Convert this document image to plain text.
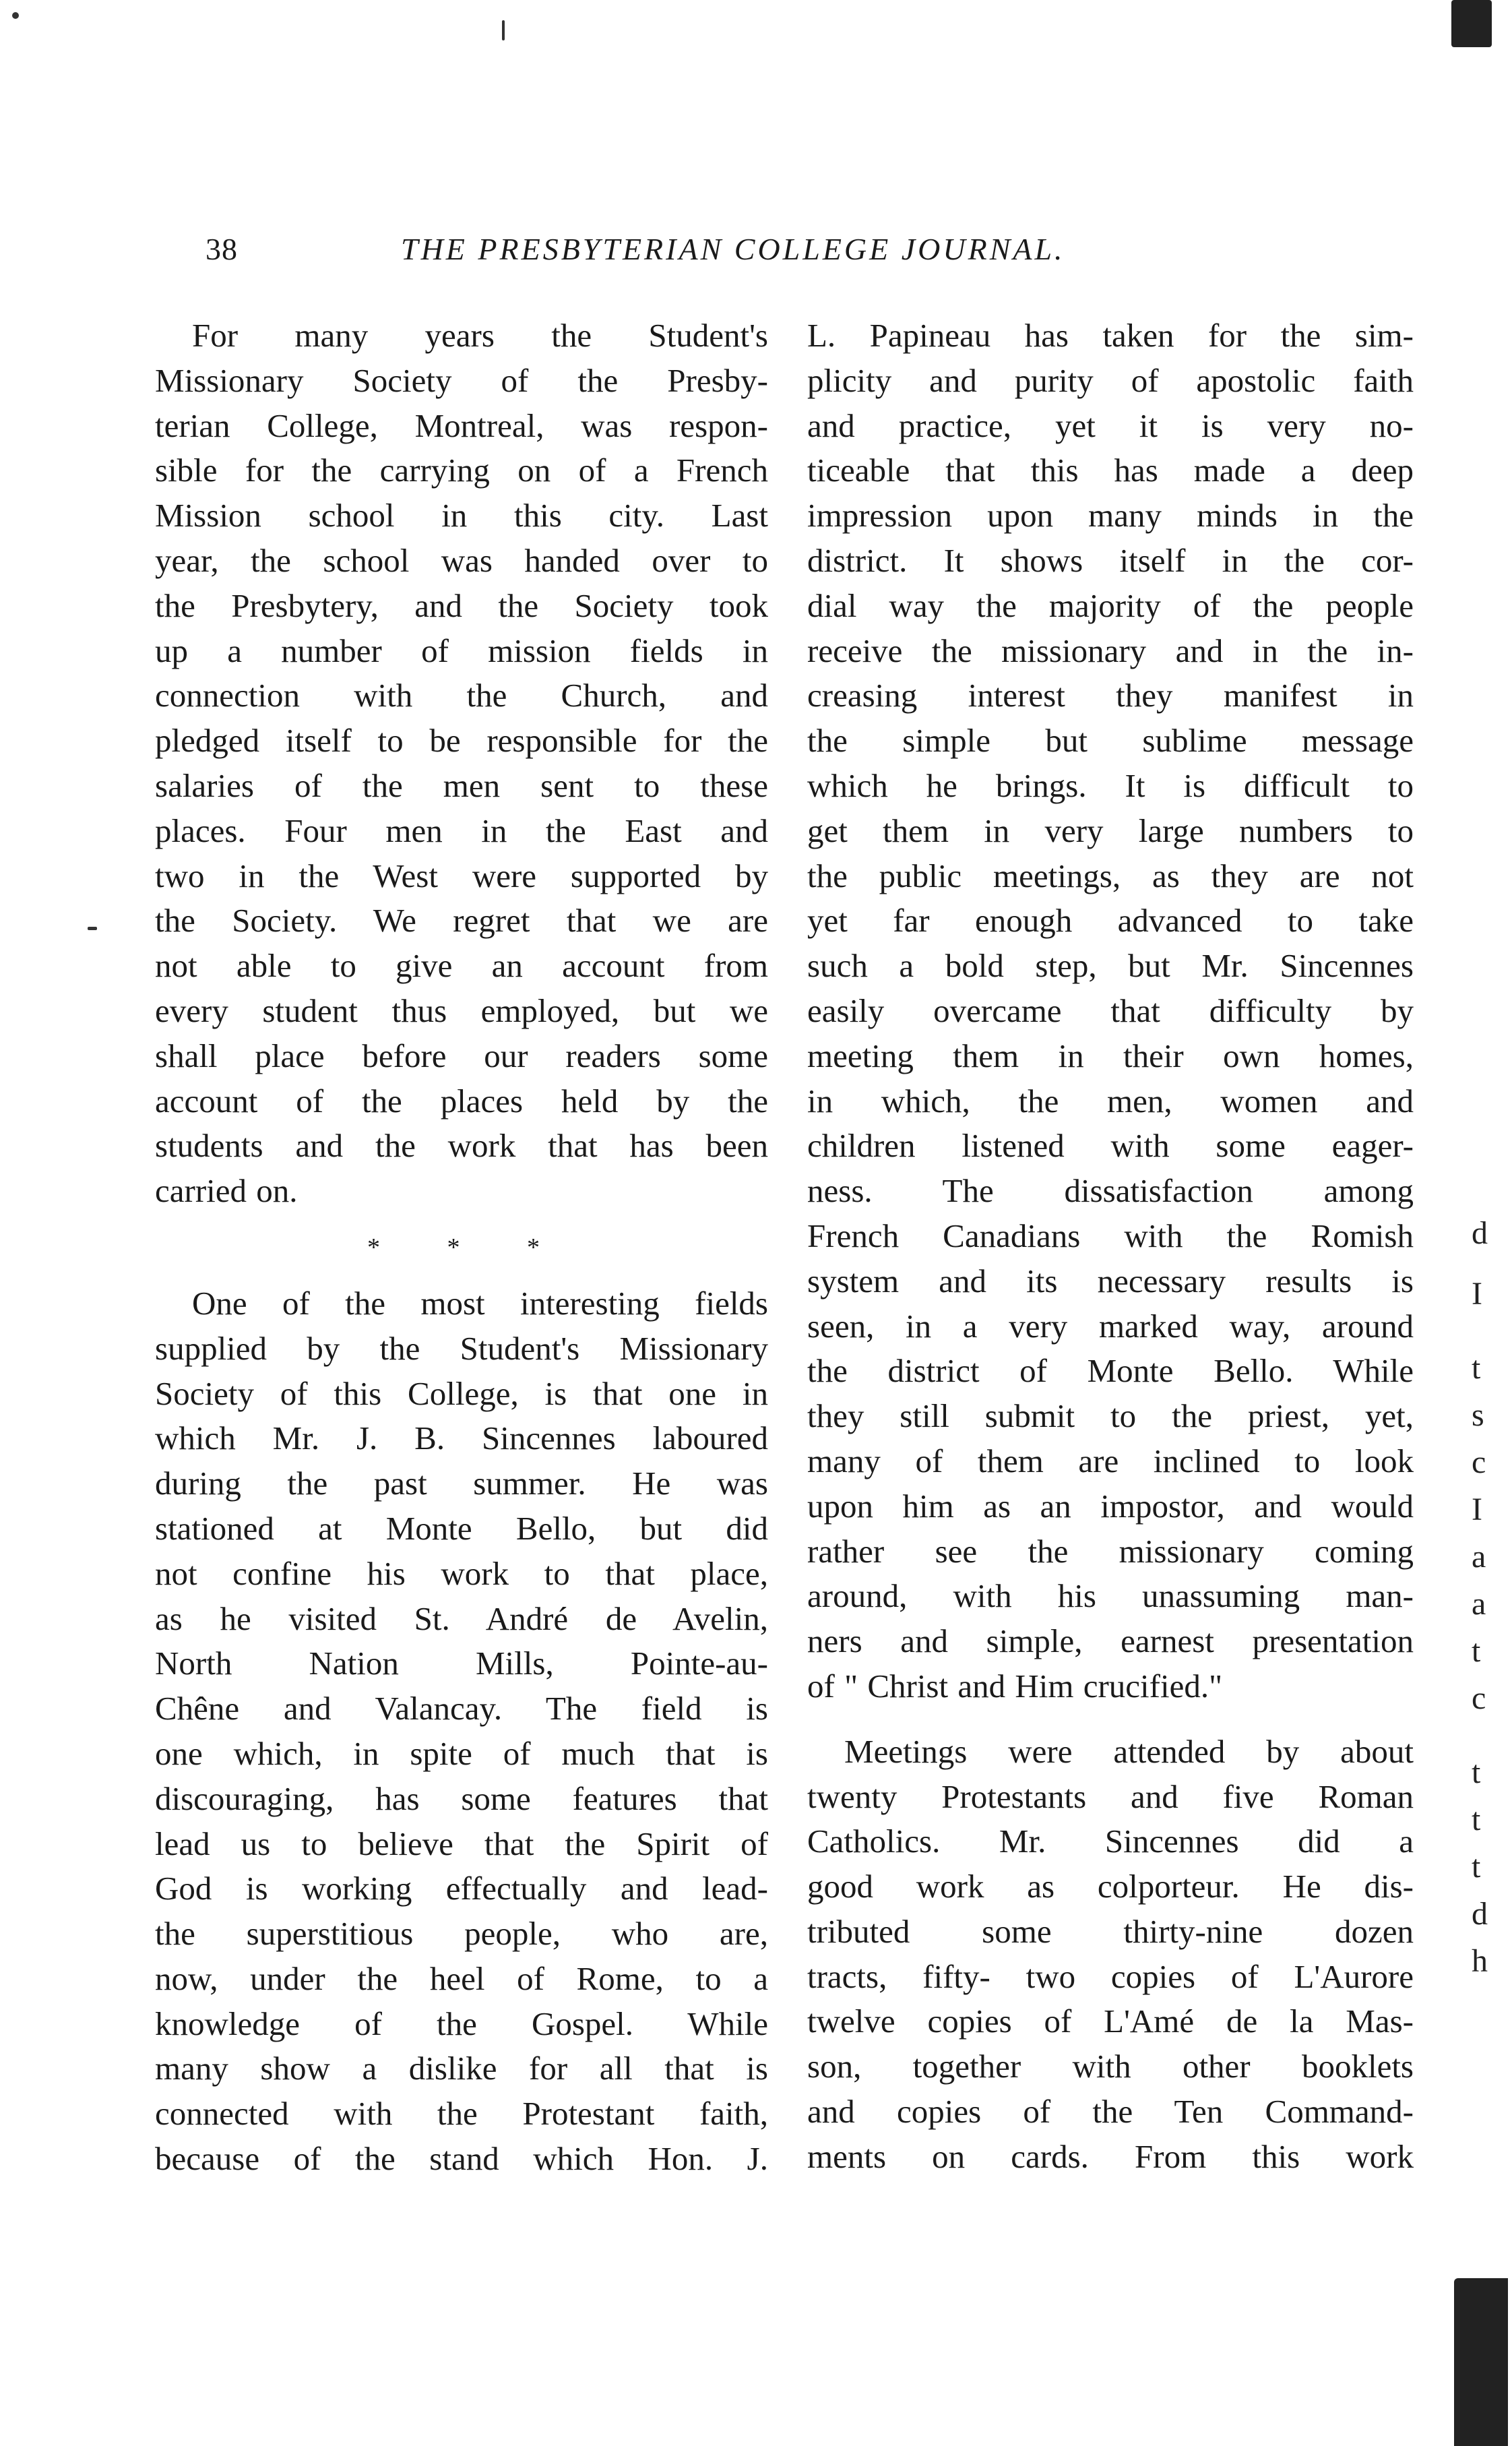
38	THE PRESBYTERIAN COLLEGE JOURNAL.
For many years the Student's
Missionary Society of the Presby-
terian College, Montreal, was respon-
sible for the carrying on of a French
Mission school in this city. Last
year, the school was handed over to
the Presbytery, and the Society took
up a number of mission fields in
connection with the Church, and
pledged itself to be responsible for the
salaries of the men sent to these
places. Four men in the East and
two in the West were supported by
the Society. We regret that we are
not able to give an account from
every student thus employed, but we
shall place before our readers some
account of the places held by the
students and the work that has been
carried on.
* * *
One of the most interesting fields
supplied by the Student's Missionary
Society of this College, is that one in
which Mr. J. B. Sincennes laboured
during the past summer. He was
stationed at Monte Bello, but did
not confine his work to that place,
as he visited St. André de Avelin,
North Nation Mills, Pointe-au-
Chêne and Valancay. The field is
one which, in spite of much that is
discouraging, has some features that
lead us to believe that the Spirit of
God is working effectually and lead-
the superstitious people, who are,
now, under the heel of Rome, to a
knowledge of the Gospel. While
many show a dislike for all that is
connected with the Protestant faith,
because of the stand which Hon. J.
L. Papineau has taken for the sim-
plicity and purity of apostolic faith
and practice, yet it is very no-
ticeable that this has made a deep
impression upon many minds in the
district. It shows itself in the cor-
dial way the majority of the people
receive the missionary and in the in-
creasing interest they manifest in
the simple but sublime message
which he brings. It is difficult to
get them in very large numbers to
the public meetings, as they are not
yet far enough advanced to take
such a bold step, but Mr. Sincennes
easily overcame that difficulty by
meeting them in their own homes,
in which, the men, women and
children listened with some eager-
ness. The dissatisfaction among
French Canadians with the Romish
system and its necessary results is
seen, in a very marked way, around
the district of Monte Bello. While
they still submit to the priest, yet,
many of them are inclined to look
upon him as an impostor, and would
rather see the missionary coming
around, with his unassuming man-
ners and simple, earnest presentation
of " Christ and Him crucified."
Meetings were attended by about
twenty Protestants and five Roman
Catholics. Mr. Sincennes did a
good work as colporteur. He dis-
tributed some thirty-nine dozen
tracts, fifty- two copies of L'Aurore
twelve copies of L'Amé de la Mas-
son, together with other booklets
and copies of the Ten Command-
ments on cards. From this work
d
I
t
s
c
I
a
a
t
c
t
t
t
d
h
